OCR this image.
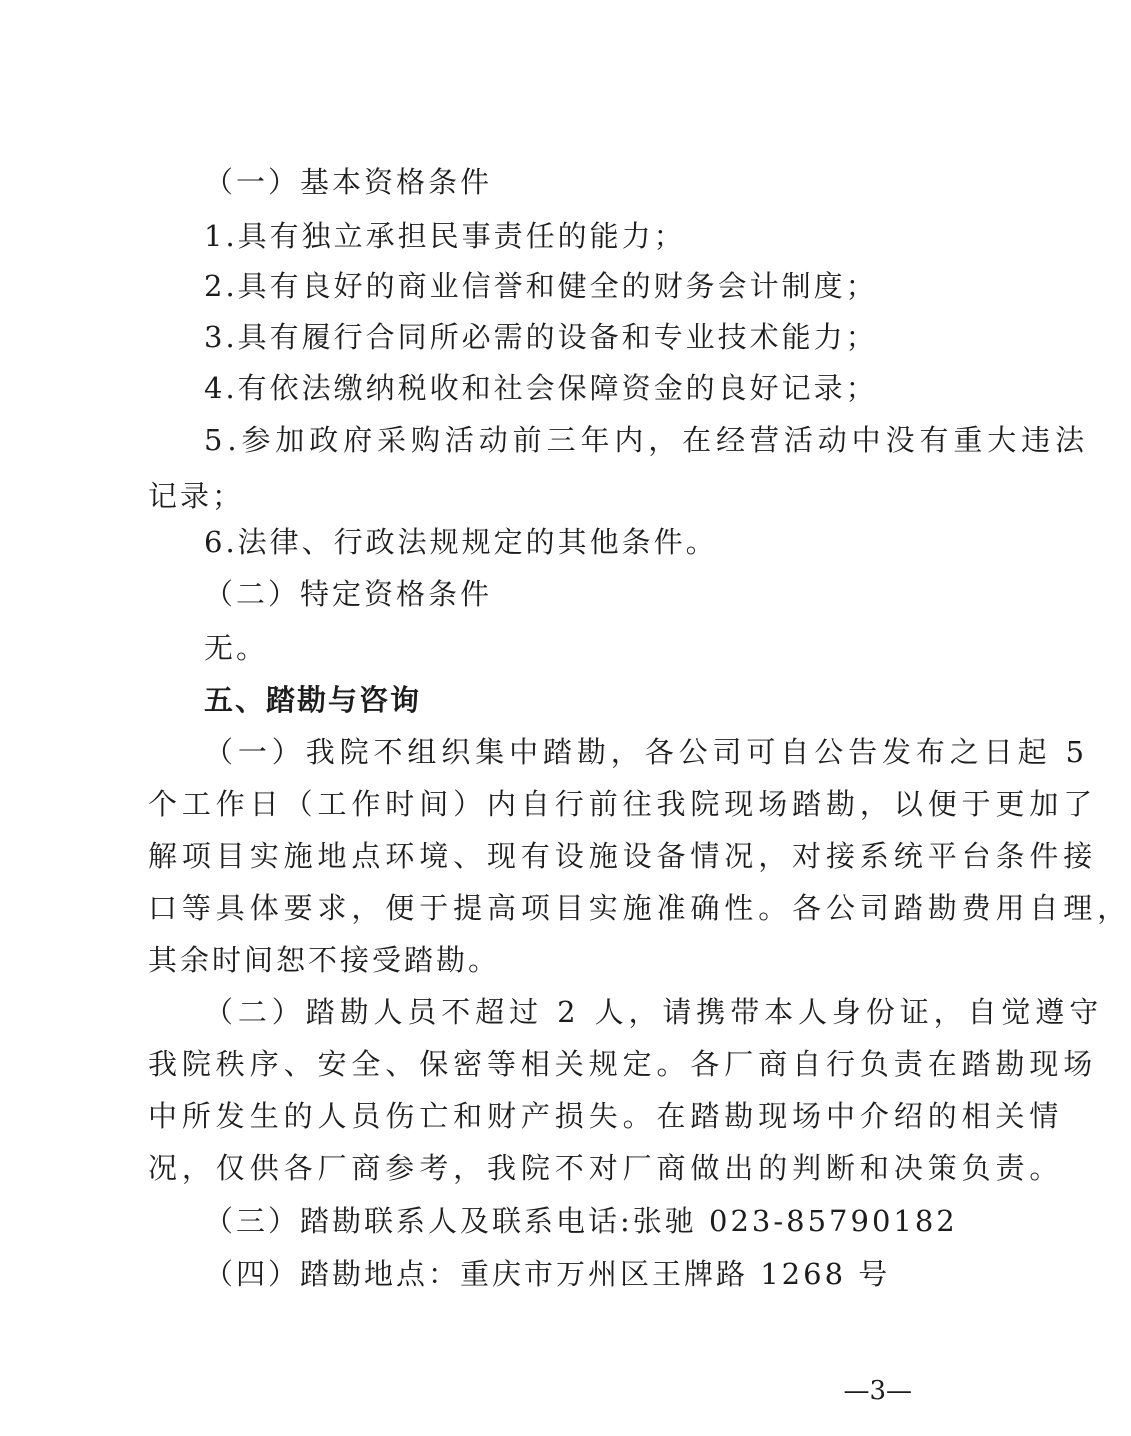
（一）基本资格条件

1.具有独立承担民事责任的能力；

2.具有良好的商业信誉和健全的财务会计制度；

3.具有履行合同所必需的设备和专业技术能力；

4.有依法缴纳税收和社会保障资金的良好记录；

5.参加政府采购活动前三年内，在经营活动中没有重大违法

记录；

6.法律、行政法规规定的其他条件。

（二）特定资格条件

无。

五、踏勘与咨询

（一）我院不组织集中踏勘，各公司可自公告发布之日起 5

个工作日（工作时间）内自行前往我院现场踏勘，以便于更加了

解项目实施地点环境、现有设施设备情况，对接系统平台条件接

口等具体要求，便于提高项目实施准确性。各公司踏勘费用自理，

其余时间恕不接受踏勘。

（二）踏勘人员不超过 2 人，请携带本人身份证，自觉遵守

我院秩序、安全、保密等相关规定。各厂商自行负责在踏勘现场

中所发生的人员伤亡和财产损失。在踏勘现场中介绍的相关情

况，仅供各厂商参考，我院不对厂商做出的判断和决策负责。

（三）踏勘联系人及联系电话:张驰 023-85790182

（四）踏勘地点：重庆市万州区王牌路 1268 号

—3—
